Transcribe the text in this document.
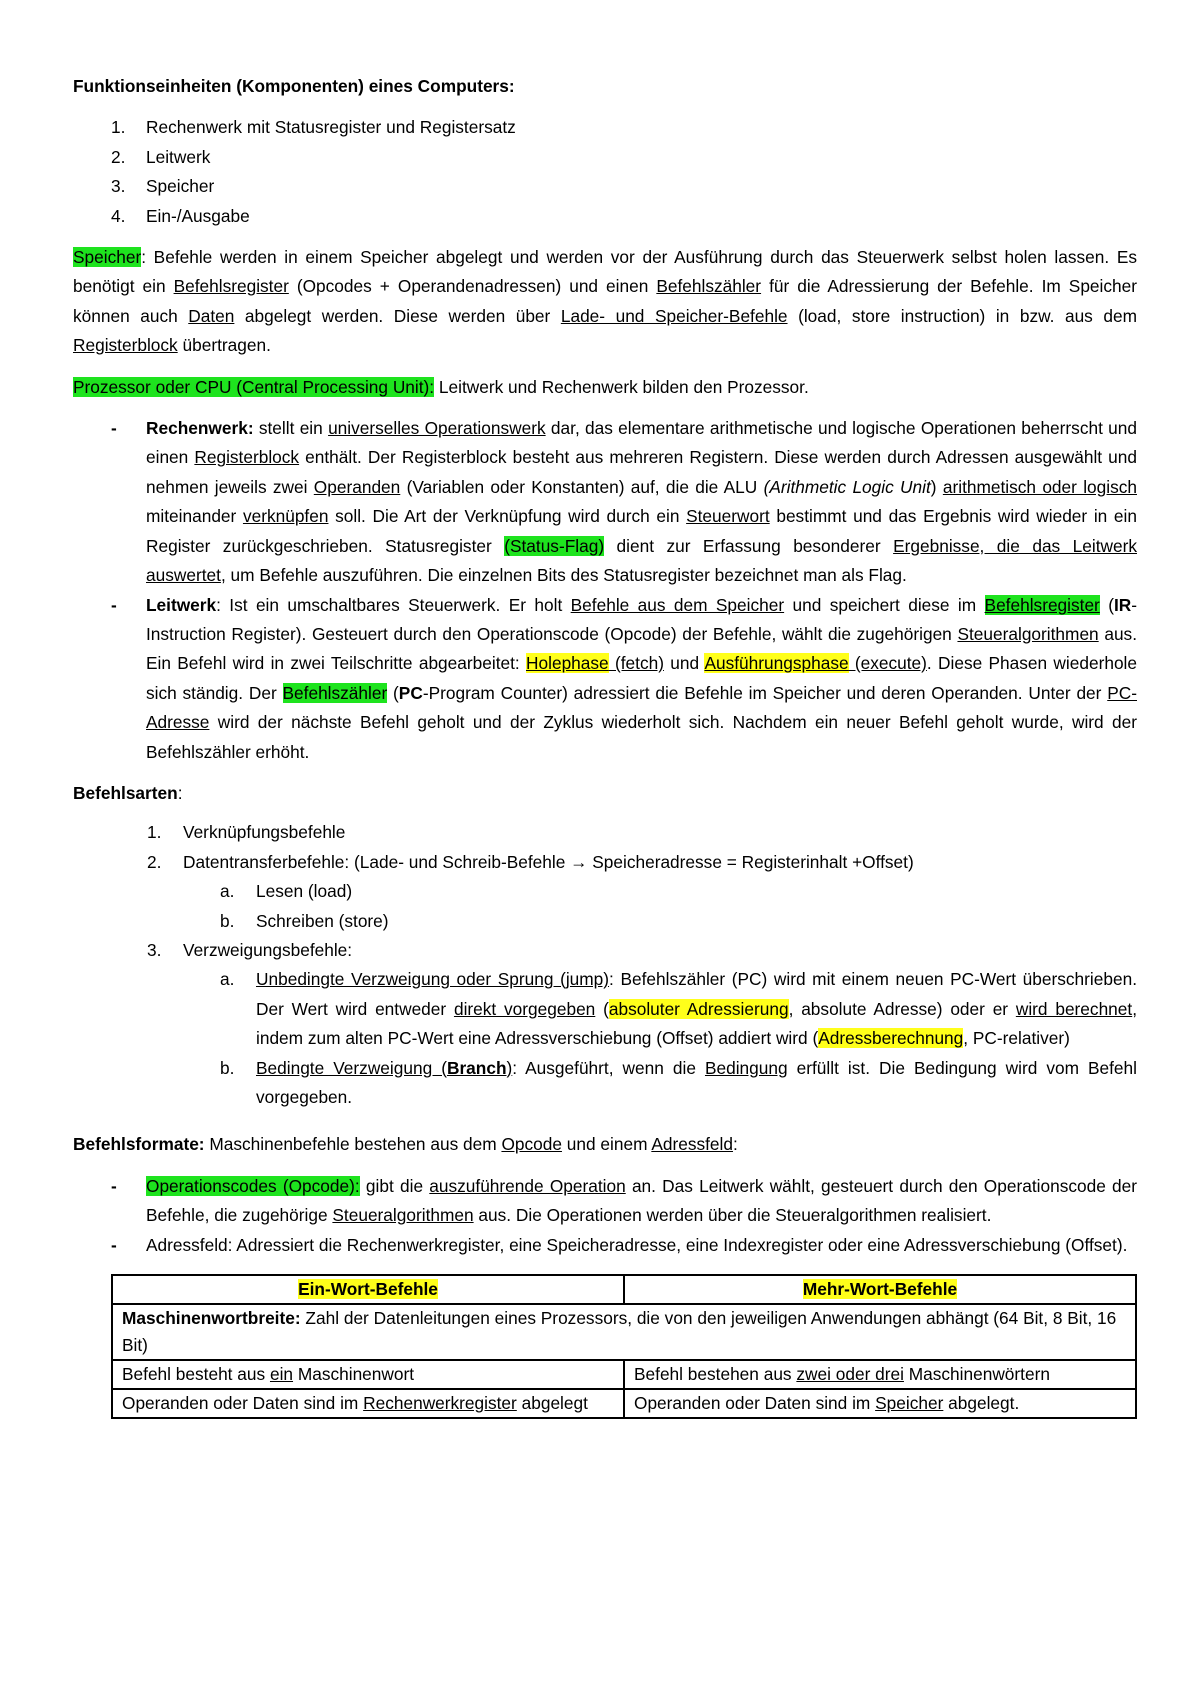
Funktionseinheiten (Komponenten) eines Computers:

1. Rechenwerk mit Statusregister und Registersatz
2. Leitwerk
3. Speicher
4. Ein-/Ausgabe

Speicher: Befehle werden in einem Speicher abgelegt und werden vor der Ausführung durch das Steuerwerk selbst holen lassen. Es benötigt ein Befehlsregister (Opcodes + Operandenadressen) und einen Befehlszähler für die Adressierung der Befehle. Im Speicher können auch Daten abgelegt werden. Diese werden über Lade- und Speicher-Befehle (load, store instruction) in bzw. aus dem Registerblock übertragen.

Prozessor oder CPU (Central Processing Unit): Leitwerk und Rechenwerk bilden den Prozessor.

- Rechenwerk: stellt ein universelles Operationswerk dar, das elementare arithmetische und logische Operationen beherrscht und einen Registerblock enthält. Der Registerblock besteht aus mehreren Registern. Diese werden durch Adressen ausgewählt und nehmen jeweils zwei Operanden (Variablen oder Konstanten) auf, die die ALU (Arithmetic Logic Unit) arithmetisch oder logisch miteinander verknüpfen soll. Die Art der Verknüpfung wird durch ein Steuerwort bestimmt und das Ergebnis wird wieder in ein Register zurückgeschrieben. Statusregister (Status-Flag) dient zur Erfassung besonderer Ergebnisse, die das Leitwerk auswertet, um Befehle auszuführen. Die einzelnen Bits des Statusregister bezeichnet man als Flag.
- Leitwerk: Ist ein umschaltbares Steuerwerk. Er holt Befehle aus dem Speicher und speichert diese im Befehlsregister (IR-Instruction Register). Gesteuert durch den Operationscode (Opcode) der Befehle, wählt die zugehörigen Steueralgorithmen aus. Ein Befehl wird in zwei Teilschritte abgearbeitet: Holephase (fetch) und Ausführungsphase (execute). Diese Phasen wiederhole sich ständig. Der Befehlszähler (PC-Program Counter) adressiert die Befehle im Speicher und deren Operanden. Unter der PC-Adresse wird der nächste Befehl geholt und der Zyklus wiederholt sich. Nachdem ein neuer Befehl geholt wurde, wird der Befehlszähler erhöht.

Befehlsarten:

1. Verknüpfungsbefehle
2. Datentransferbefehle: (Lade- und Schreib-Befehle → Speicheradresse = Registerinhalt +Offset)
a. Lesen (load)
b. Schreiben (store)
3. Verzweigungsbefehle:
a. Unbedingte Verzweigung oder Sprung (jump): Befehlszähler (PC) wird mit einem neuen PC-Wert überschrieben. Der Wert wird entweder direkt vorgegeben (absoluter Adressierung, absolute Adresse) oder er wird berechnet, indem zum alten PC-Wert eine Adressverschiebung (Offset) addiert wird (Adressberechnung, PC-relativer)
b. Bedingte Verzweigung (Branch): Ausgeführt, wenn die Bedingung erfüllt ist. Die Bedingung wird vom Befehl vorgegeben.

Befehlsformate: Maschinenbefehle bestehen aus dem Opcode und einem Adressfeld:

- Operationscodes (Opcode): gibt die auszuführende Operation an. Das Leitwerk wählt, gesteuert durch den Operationscode der Befehle, die zugehörige Steueralgorithmen aus. Die Operationen werden über die Steueralgorithmen realisiert.
- Adressfeld: Adressiert die Rechenwerkregister, eine Speicheradresse, eine Indexregister oder eine Adressverschiebung (Offset).
Ein-Wort-Befehle	Mehr-Wort-Befehle
Maschinenwortbreite: Zahl der Datenleitungen eines Prozessors, die von den jeweiligen Anwendungen abhängt (64 Bit, 8 Bit, 16 Bit)	
Befehl besteht aus ein Maschinenwort	Befehl bestehen aus zwei oder drei Maschinenwörtern
Operanden oder Daten sind im Rechenwerkregister abgelegt	Operanden oder Daten sind im Speicher abgelegt.
